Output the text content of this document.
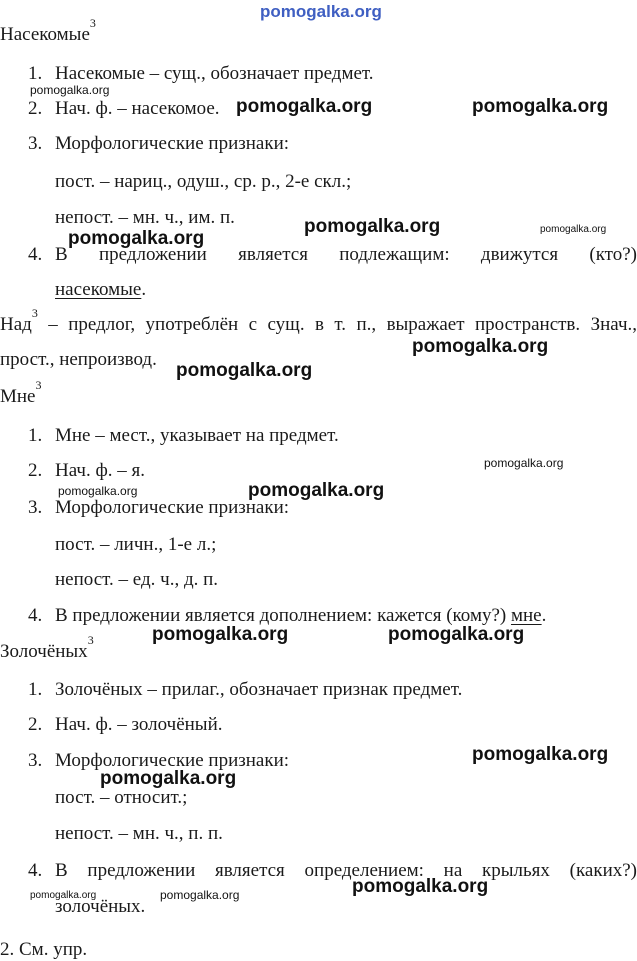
pomogalka.org
Насекомые$^3$
1. Насекомые – сущ., обозначает предмет.
2. Нач. ф. – насекомое.
3. Морфологические признаки:
пост. – нариц., одуш., ср. р., 2-е скл.;
непост. – мн. ч., им. п.
4. В предложении является подлежащим: движутся (кто?)
насекомые.
Над$^3$ – предлог, употреблён с сущ. в т. п., выражает пространств. Знач.,
прост., непроизвод.
Мне$^3$
1. Мне – мест., указывает на предмет.
2. Нач. ф. – я.
3. Морфологические признаки:
пост. – личн., 1-е л.;
непост. – ед. ч., д. п.
4. В предложении является дополнением: кажется (кому?) мне.
Золочёных$^3$
1. Золочёных – прилаг., обозначает признак предмет.
2. Нач. ф. – золочёный.
3. Морфологические признаки:
пост. – относит.;
непост. – мн. ч., п. п.
4. В предложении является определением: на крыльях (каких?)
золочёных.
2. См. упр.
pomogalka.org
pomogalka.org	pomogalka.org
pomogalka.org	pomogalka.org
pomogalka.org
pomogalka.org
pomogalka.org
pomogalka.org
pomogalka.org
pomogalka.org
pomogalka.org	pomogalka.org
pomogalka.org
pomogalka.org
pomogalka.org
pomogalka.org	pomogalka.org
